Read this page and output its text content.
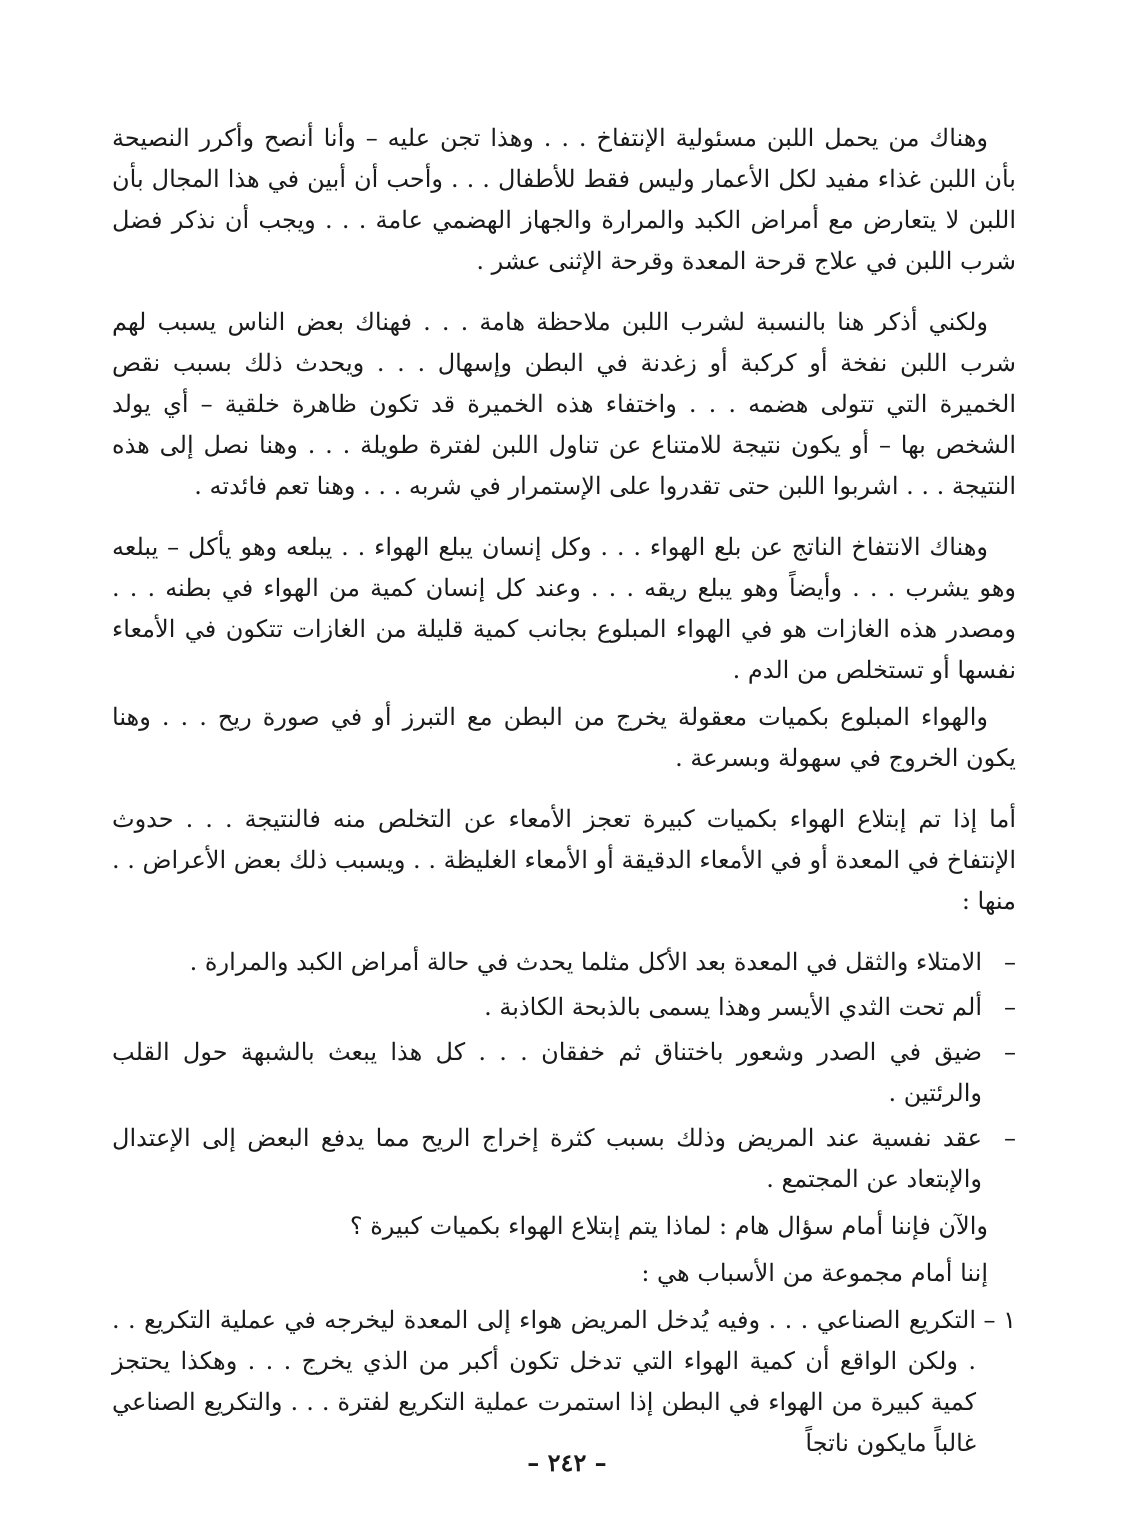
وهناك من يحمل اللبن مسئولية الإنتفاخ . . . وهذا تجن عليه – وأنا أنصح وأكرر النصيحة بأن اللبن غذاء مفيد لكل الأعمار وليس فقط للأطفال . . . وأحب أن أبين في هذا المجال بأن اللبن لا يتعارض مع أمراض الكبد والمرارة والجهاز الهضمي عامة . . . ويجب أن نذكر فضل شرب اللبن في علاج قرحة المعدة وقرحة الإثنى عشر .

ولكني أذكر هنا بالنسبة لشرب اللبن ملاحظة هامة . . . فهناك بعض الناس يسبب لهم شرب اللبن نفخة أو كركبة أو زغدنة في البطن وإسهال . . . ويحدث ذلك بسبب نقص الخميرة التي تتولى هضمه . . . واختفاء هذه الخميرة قد تكون ظاهرة خلقية – أي يولد الشخص بها – أو يكون نتيجة للامتناع عن تناول اللبن لفترة طويلة . . . وهنا نصل إلى هذه النتيجة . . . اشربوا اللبن حتى تقدروا على الإستمرار في شربه . . . وهنا تعم فائدته .

وهناك الانتفاخ الناتج عن بلع الهواء . . . وكل إنسان يبلع الهواء . . يبلعه وهو يأكل – يبلعه وهو يشرب . . . وأيضاً وهو يبلع ريقه . . . وعند كل إنسان كمية من الهواء في بطنه . . . ومصدر هذه الغازات هو في الهواء المبلوع بجانب كمية قليلة من الغازات تتكون في الأمعاء نفسها أو تستخلص من الدم .

والهواء المبلوع بكميات معقولة يخرج من البطن مع التبرز أو في صورة ريح . . . وهنا يكون الخروج في سهولة وبسرعة .

أما إذا تم إبتلاع الهواء بكميات كبيرة تعجز الأمعاء عن التخلص منه فالنتيجة . . . حدوث الإنتفاخ في المعدة أو في الأمعاء الدقيقة أو الأمعاء الغليظة . . ويسبب ذلك بعض الأعراض . . منها :

–
الامتلاء والثقل في المعدة بعد الأكل مثلما يحدث في حالة أمراض الكبد والمرارة .
–
ألم تحت الثدي الأيسر وهذا يسمى بالذبحة الكاذبة .
–
ضيق في الصدر وشعور باختناق ثم خفقان . . . كل هذا يبعث بالشبهة حول القلب والرئتين .
–
عقد نفسية عند المريض وذلك بسبب كثرة إخراج الريح مما يدفع البعض إلى الإعتدال والإبتعاد عن المجتمع .

والآن فإننا أمام سؤال هام : لماذا يتم إبتلاع الهواء بكميات كبيرة ؟

إننا أمام مجموعة من الأسباب هي :

١ –
التكريع الصناعي . . . وفيه يُدخل المريض هواء إلى المعدة ليخرجه في عملية التكريع . . . ولكن الواقع أن كمية الهواء التي تدخل تكون أكبر من الذي يخرج . . . وهكذا يحتجز كمية كبيرة من الهواء في البطن إذا استمرت عملية التكريع لفترة . . . والتكريع الصناعي غالباً مايكون ناتجاً
– ٢٤٢ –
